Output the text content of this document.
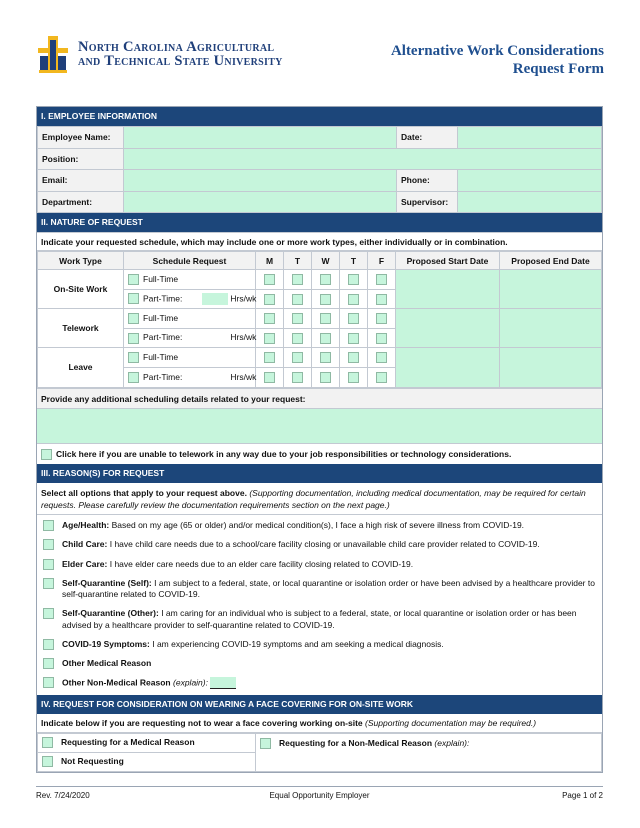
North Carolina Agricultural
and Technical State University
Alternative Work Considerations
Request Form
I. EMPLOYEE INFORMATION
Employee Name:		Date:	
Position:			
Email:		Phone:	
Department:		Supervisor:	
II. NATURE OF REQUEST
Indicate your requested schedule, which may include one or more work types, either individually or in combination.
Work Type	Schedule Request	M	T	W	T	F	Proposed Start Date	Proposed End Date
On-Site Work	Full-Time							
	Part-Time: Hrs/wk							
Telework	Full-Time							
	Part-Time: Hrs/wk							
Leave	Full-Time							
	Part-Time: Hrs/wk							
Provide any additional scheduling details related to your request:
Click here if you are unable to telework in any way due to your job responsibilities or technology considerations.
III. REASON(S) FOR REQUEST
Select all options that apply to your request above. (Supporting documentation, including medical documentation, may be required for certain requests. Please carefully review the documentation requirements section on the next page.)
Age/Health: Based on my age (65 or older) and/or medical condition(s), I face a high risk of severe illness from COVID-19.
Child Care: I have child care needs due to a school/care facility closing or unavailable child care provider related to COVID-19.
Elder Care: I have elder care needs due to an elder care facility closing related to COVID-19.
Self-Quarantine (Self): I am subject to a federal, state, or local quarantine or isolation order or have been advised by a healthcare provider to self-quarantine related to COVID-19.
Self-Quarantine (Other): I am caring for an individual who is subject to a federal, state, or local quarantine or isolation order or has been advised by a healthcare provider to self-quarantine related to COVID-19.
COVID-19 Symptoms: I am experiencing COVID-19 symptoms and am seeking a medical diagnosis.
Other Medical Reason
Other Non-Medical Reason (explain):
IV. REQUEST FOR CONSIDERATION ON WEARING A FACE COVERING FOR ON-SITE WORK
Indicate below if you are requesting not to wear a face covering working on-site (Supporting documentation may be required.)
Requesting for a Medical Reason	Requesting for a Non-Medical Reason (explain):
Not Requesting
Rev. 7/24/2020	Equal Opportunity Employer	Page 1 of 2
